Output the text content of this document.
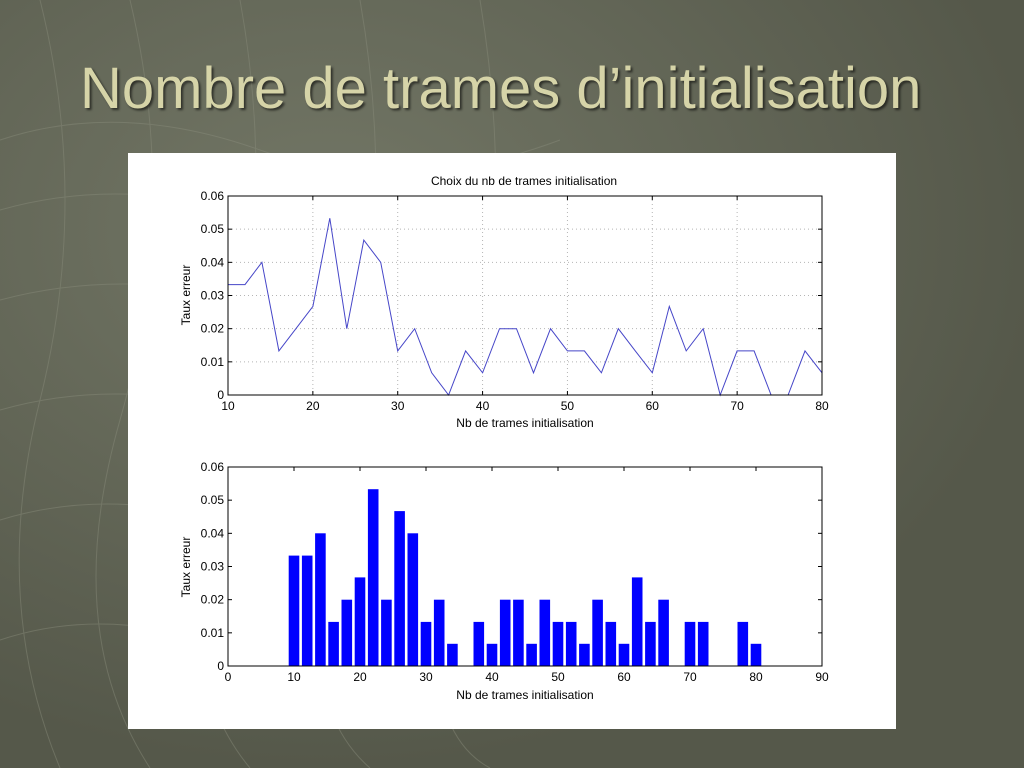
Nombre de trames d’initialisation
Choix du nb de trames initialisation
10	20	30	40	50	60	70	80
0
0.01
0.02
0.03
0.04
0.05
0.06
Nb de trames initialisation
Taux erreur
0	10	20	30	40	50	60	70	80	90
0
0.01
0.02
0.03
0.04
0.05
0.06
Nb de trames initialisation
Taux erreur
